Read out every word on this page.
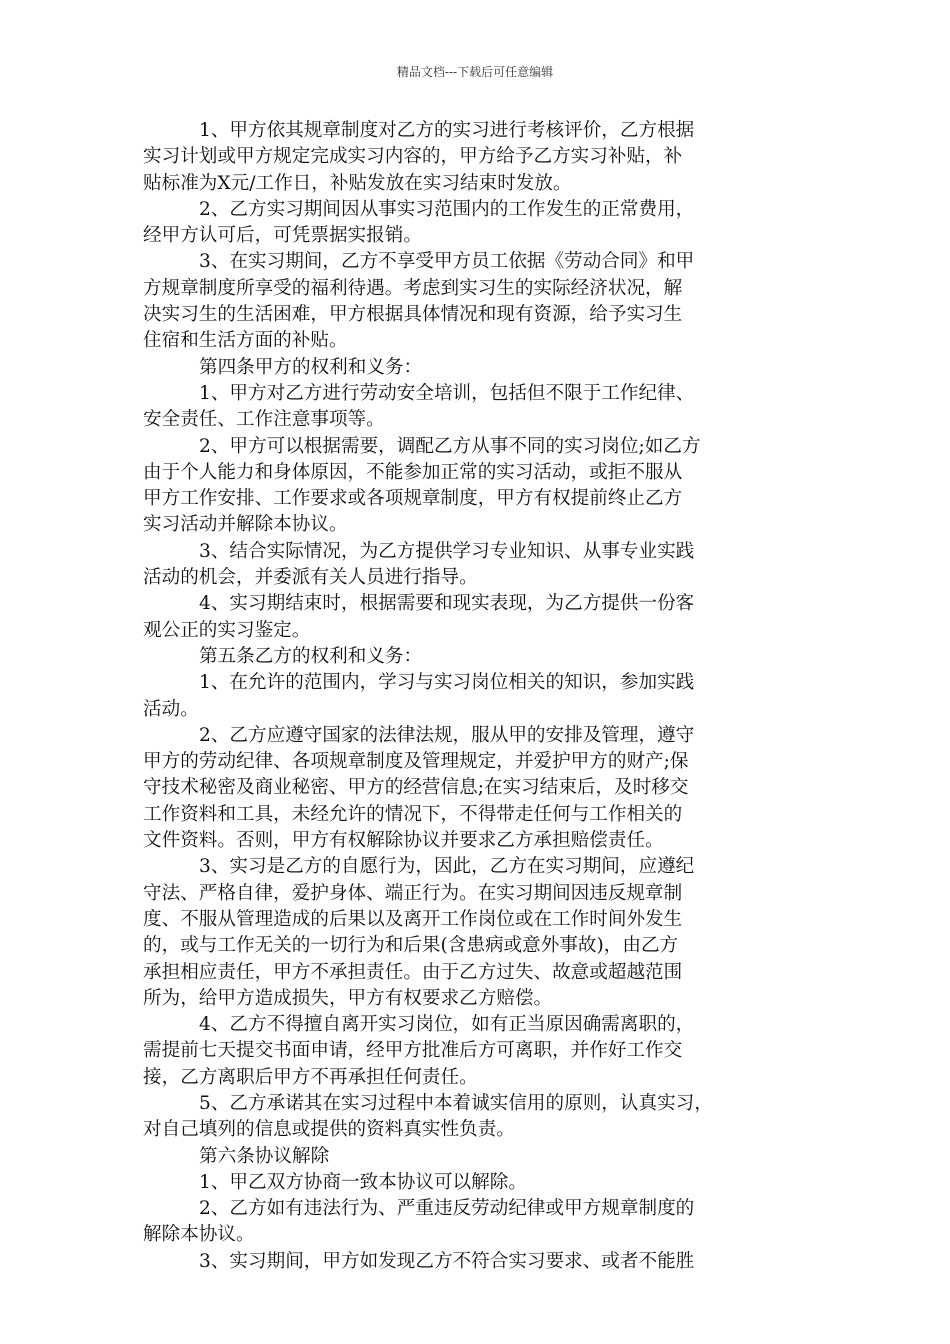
精品文档---下载后可任意编辑
1、甲方依其规章制度对乙方的实习进行考核评价，乙方根据
实习计划或甲方规定完成实习内容的，甲方给予乙方实习补贴，补
贴标准为X元/工作日，补贴发放在实习结束时发放。
2、乙方实习期间因从事实习范围内的工作发生的正常费用，
经甲方认可后，可凭票据实报销。
3、在实习期间，乙方不享受甲方员工依据《劳动合同》和甲
方规章制度所享受的福利待遇。考虑到实习生的实际经济状况，解
决实习生的生活困难，甲方根据具体情况和现有资源，给予实习生
住宿和生活方面的补贴。
第四条甲方的权利和义务：
1、甲方对乙方进行劳动安全培训，包括但不限于工作纪律、
安全责任、工作注意事项等。
2、甲方可以根据需要，调配乙方从事不同的实习岗位;如乙方
由于个人能力和身体原因，不能参加正常的实习活动，或拒不服从
甲方工作安排、工作要求或各项规章制度，甲方有权提前终止乙方
实习活动并解除本协议。
3、结合实际情况，为乙方提供学习专业知识、从事专业实践
活动的机会，并委派有关人员进行指导。
4、实习期结束时，根据需要和现实表现，为乙方提供一份客
观公正的实习鉴定。
第五条乙方的权利和义务：
1、在允许的范围内，学习与实习岗位相关的知识，参加实践
活动。
2、乙方应遵守国家的法律法规，服从甲的安排及管理，遵守
甲方的劳动纪律、各项规章制度及管理规定，并爱护甲方的财产;保
守技术秘密及商业秘密、甲方的经营信息;在实习结束后，及时移交
工作资料和工具，未经允许的情况下，不得带走任何与工作相关的
文件资料。否则，甲方有权解除协议并要求乙方承担赔偿责任。
3、实习是乙方的自愿行为，因此，乙方在实习期间，应遵纪
守法、严格自律，爱护身体、端正行为。在实习期间因违反规章制
度、不服从管理造成的后果以及离开工作岗位或在工作时间外发生
的，或与工作无关的一切行为和后果(含患病或意外事故)，由乙方
承担相应责任，甲方不承担责任。由于乙方过失、故意或超越范围
所为，给甲方造成损失，甲方有权要求乙方赔偿。
4、乙方不得擅自离开实习岗位，如有正当原因确需离职的，
需提前七天提交书面申请，经甲方批准后方可离职，并作好工作交
接，乙方离职后甲方不再承担任何责任。
5、乙方承诺其在实习过程中本着诚实信用的原则，认真实习，
对自己填列的信息或提供的资料真实性负责。
第六条协议解除
1、甲乙双方协商一致本协议可以解除。
2、乙方如有违法行为、严重违反劳动纪律或甲方规章制度的
解除本协议。
3、实习期间，甲方如发现乙方不符合实习要求、或者不能胜
